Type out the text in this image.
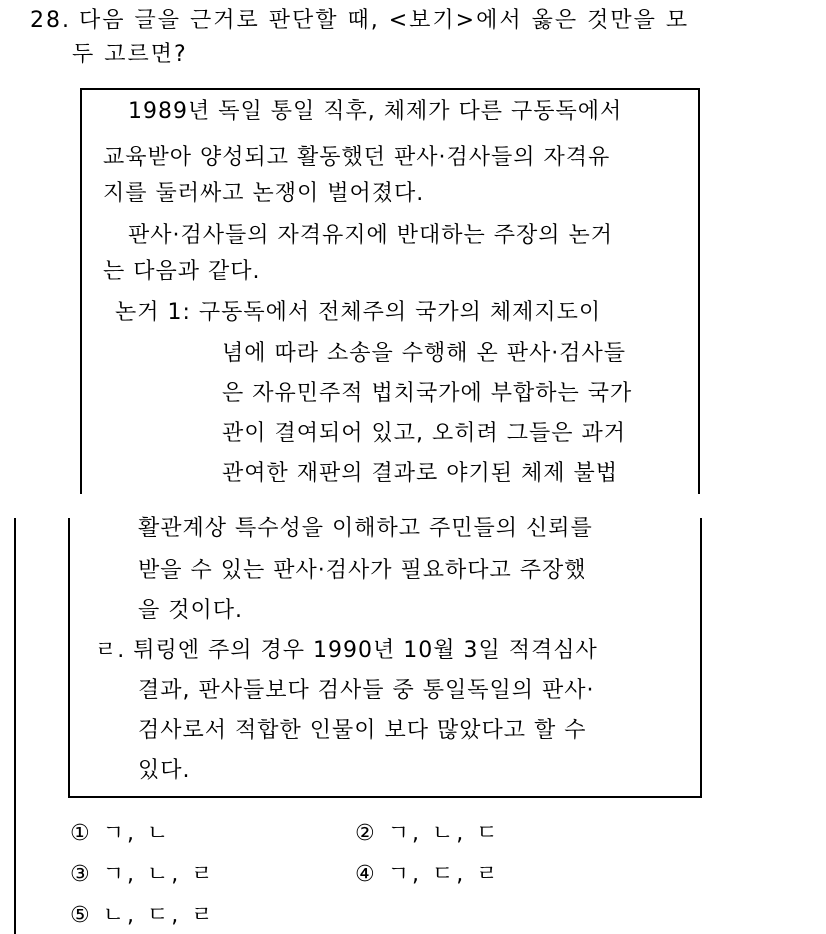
28. 다음 글을 근거로 판단할 때, <보기>에서 옳은 것만을 모
두 고르면?
1989년 독일 통일 직후, 체제가 다른 구동독에서
교육받아 양성되고 활동했던 판사·검사들의 자격유
지를 둘러싸고 논쟁이 벌어졌다.
판사·검사들의 자격유지에 반대하는 주장의 논거
는 다음과 같다.
논거 1: 구동독에서 전체주의 국가의 체제지도이
념에 따라 소송을 수행해 온 판사·검사들
은 자유민주적 법치국가에 부합하는 국가
관이 결여되어 있고, 오히려 그들은 과거
관여한 재판의 결과로 야기된 체제 불법
활관계상 특수성을 이해하고 주민들의 신뢰를
받을 수 있는 판사·검사가 필요하다고 주장했
을 것이다.
ㄹ. 튀링엔 주의 경우 1990년 10월 3일 적격심사
결과, 판사들보다 검사들 중 통일독일의 판사·
검사로서 적합한 인물이 보다 많았다고 할 수
있다.
① ㄱ, ㄴ	② ㄱ, ㄴ, ㄷ
③ ㄱ, ㄴ, ㄹ	④ ㄱ, ㄷ, ㄹ
⑤ ㄴ, ㄷ, ㄹ
